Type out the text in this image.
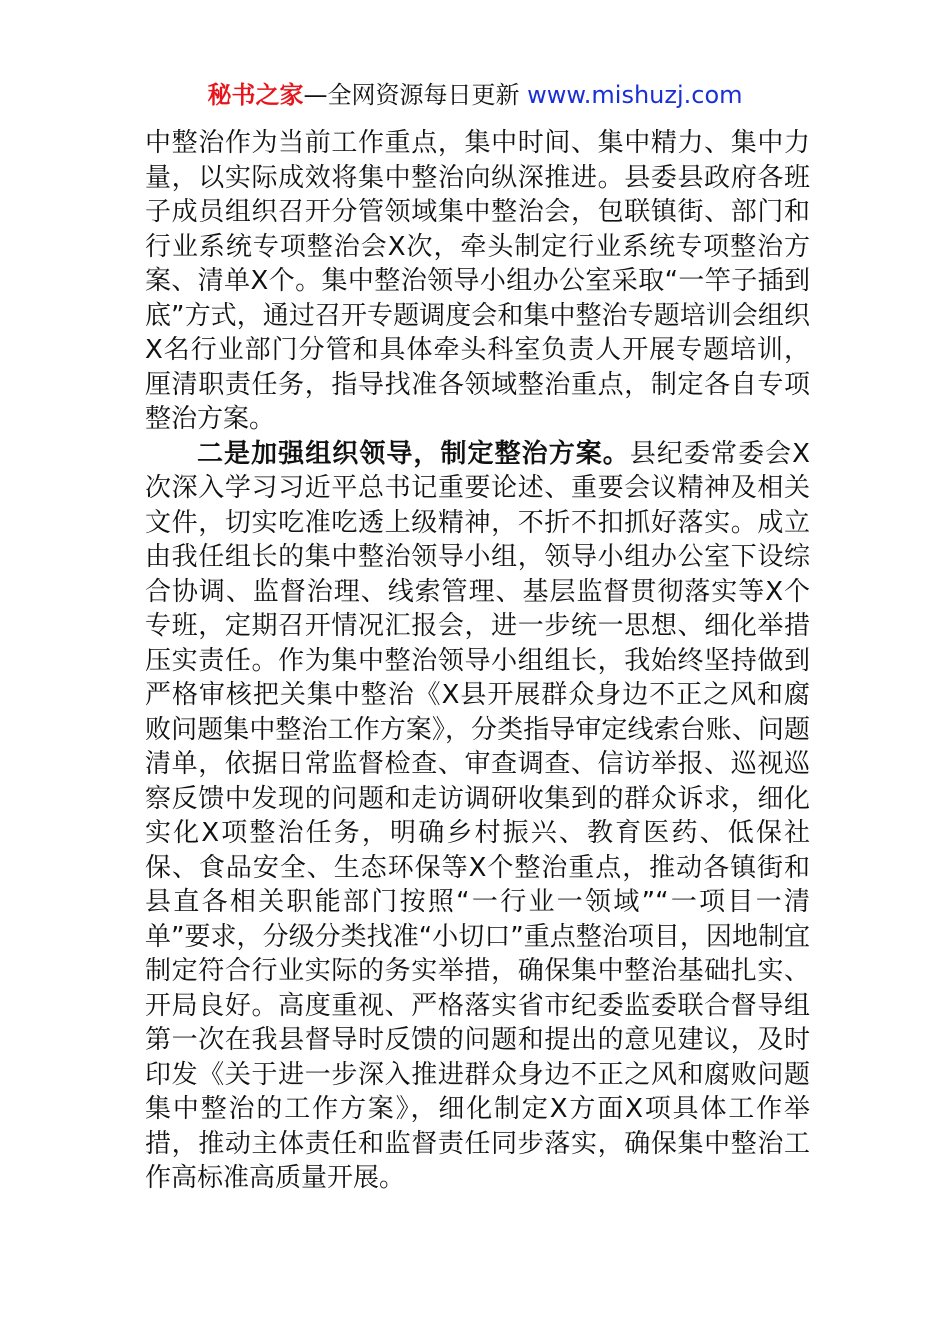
秘书之家—全网资源每日更新 www.mishuzj.com

中整治作为当前工作重点，集中时间、集中精力、集中力量，以实际成效将集中整治向纵深推进。县委县政府各班子成员组织召开分管领域集中整治会，包联镇街、部门和行业系统专项整治会X次，牵头制定行业系统专项整治方案、清单X个。集中整治领导小组办公室采取“一竿子插到底”方式，通过召开专题调度会和集中整治专题培训会组织X名行业部门分管和具体牵头科室负责人开展专题培训，厘清职责任务，指导找准各领域整治重点，制定各自专项整治方案。

二是加强组织领导，制定整治方案。县纪委常委会X次深入学习习近平总书记重要论述、重要会议精神及相关文件，切实吃准吃透上级精神，不折不扣抓好落实。成立由我任组长的集中整治领导小组，领导小组办公室下设综合协调、监督治理、线索管理、基层监督贯彻落实等X个专班，定期召开情况汇报会，进一步统一思想、细化举措压实责任。作为集中整治领导小组组长，我始终坚持做到严格审核把关集中整治《X县开展群众身边不正之风和腐败问题集中整治工作方案》，分类指导审定线索台账、问题清单，依据日常监督检查、审查调查、信访举报、巡视巡察反馈中发现的问题和走访调研收集到的群众诉求，细化实化X项整治任务，明确乡村振兴、教育医药、低保社保、食品安全、生态环保等X个整治重点，推动各镇街和县直各相关职能部门按照“一行业一领域”“一项目一清单”要求，分级分类找准“小切口”重点整治项目，因地制宜制定符合行业实际的务实举措，确保集中整治基础扎实、开局良好。高度重视、严格落实省市纪委监委联合督导组第一次在我县督导时反馈的问题和提出的意见建议，及时印发《关于进一步深入推进群众身边不正之风和腐败问题集中整治的工作方案》，细化制定X方面X项具体工作举措，推动主体责任和监督责任同步落实，确保集中整治工作高标准高质量开展。
